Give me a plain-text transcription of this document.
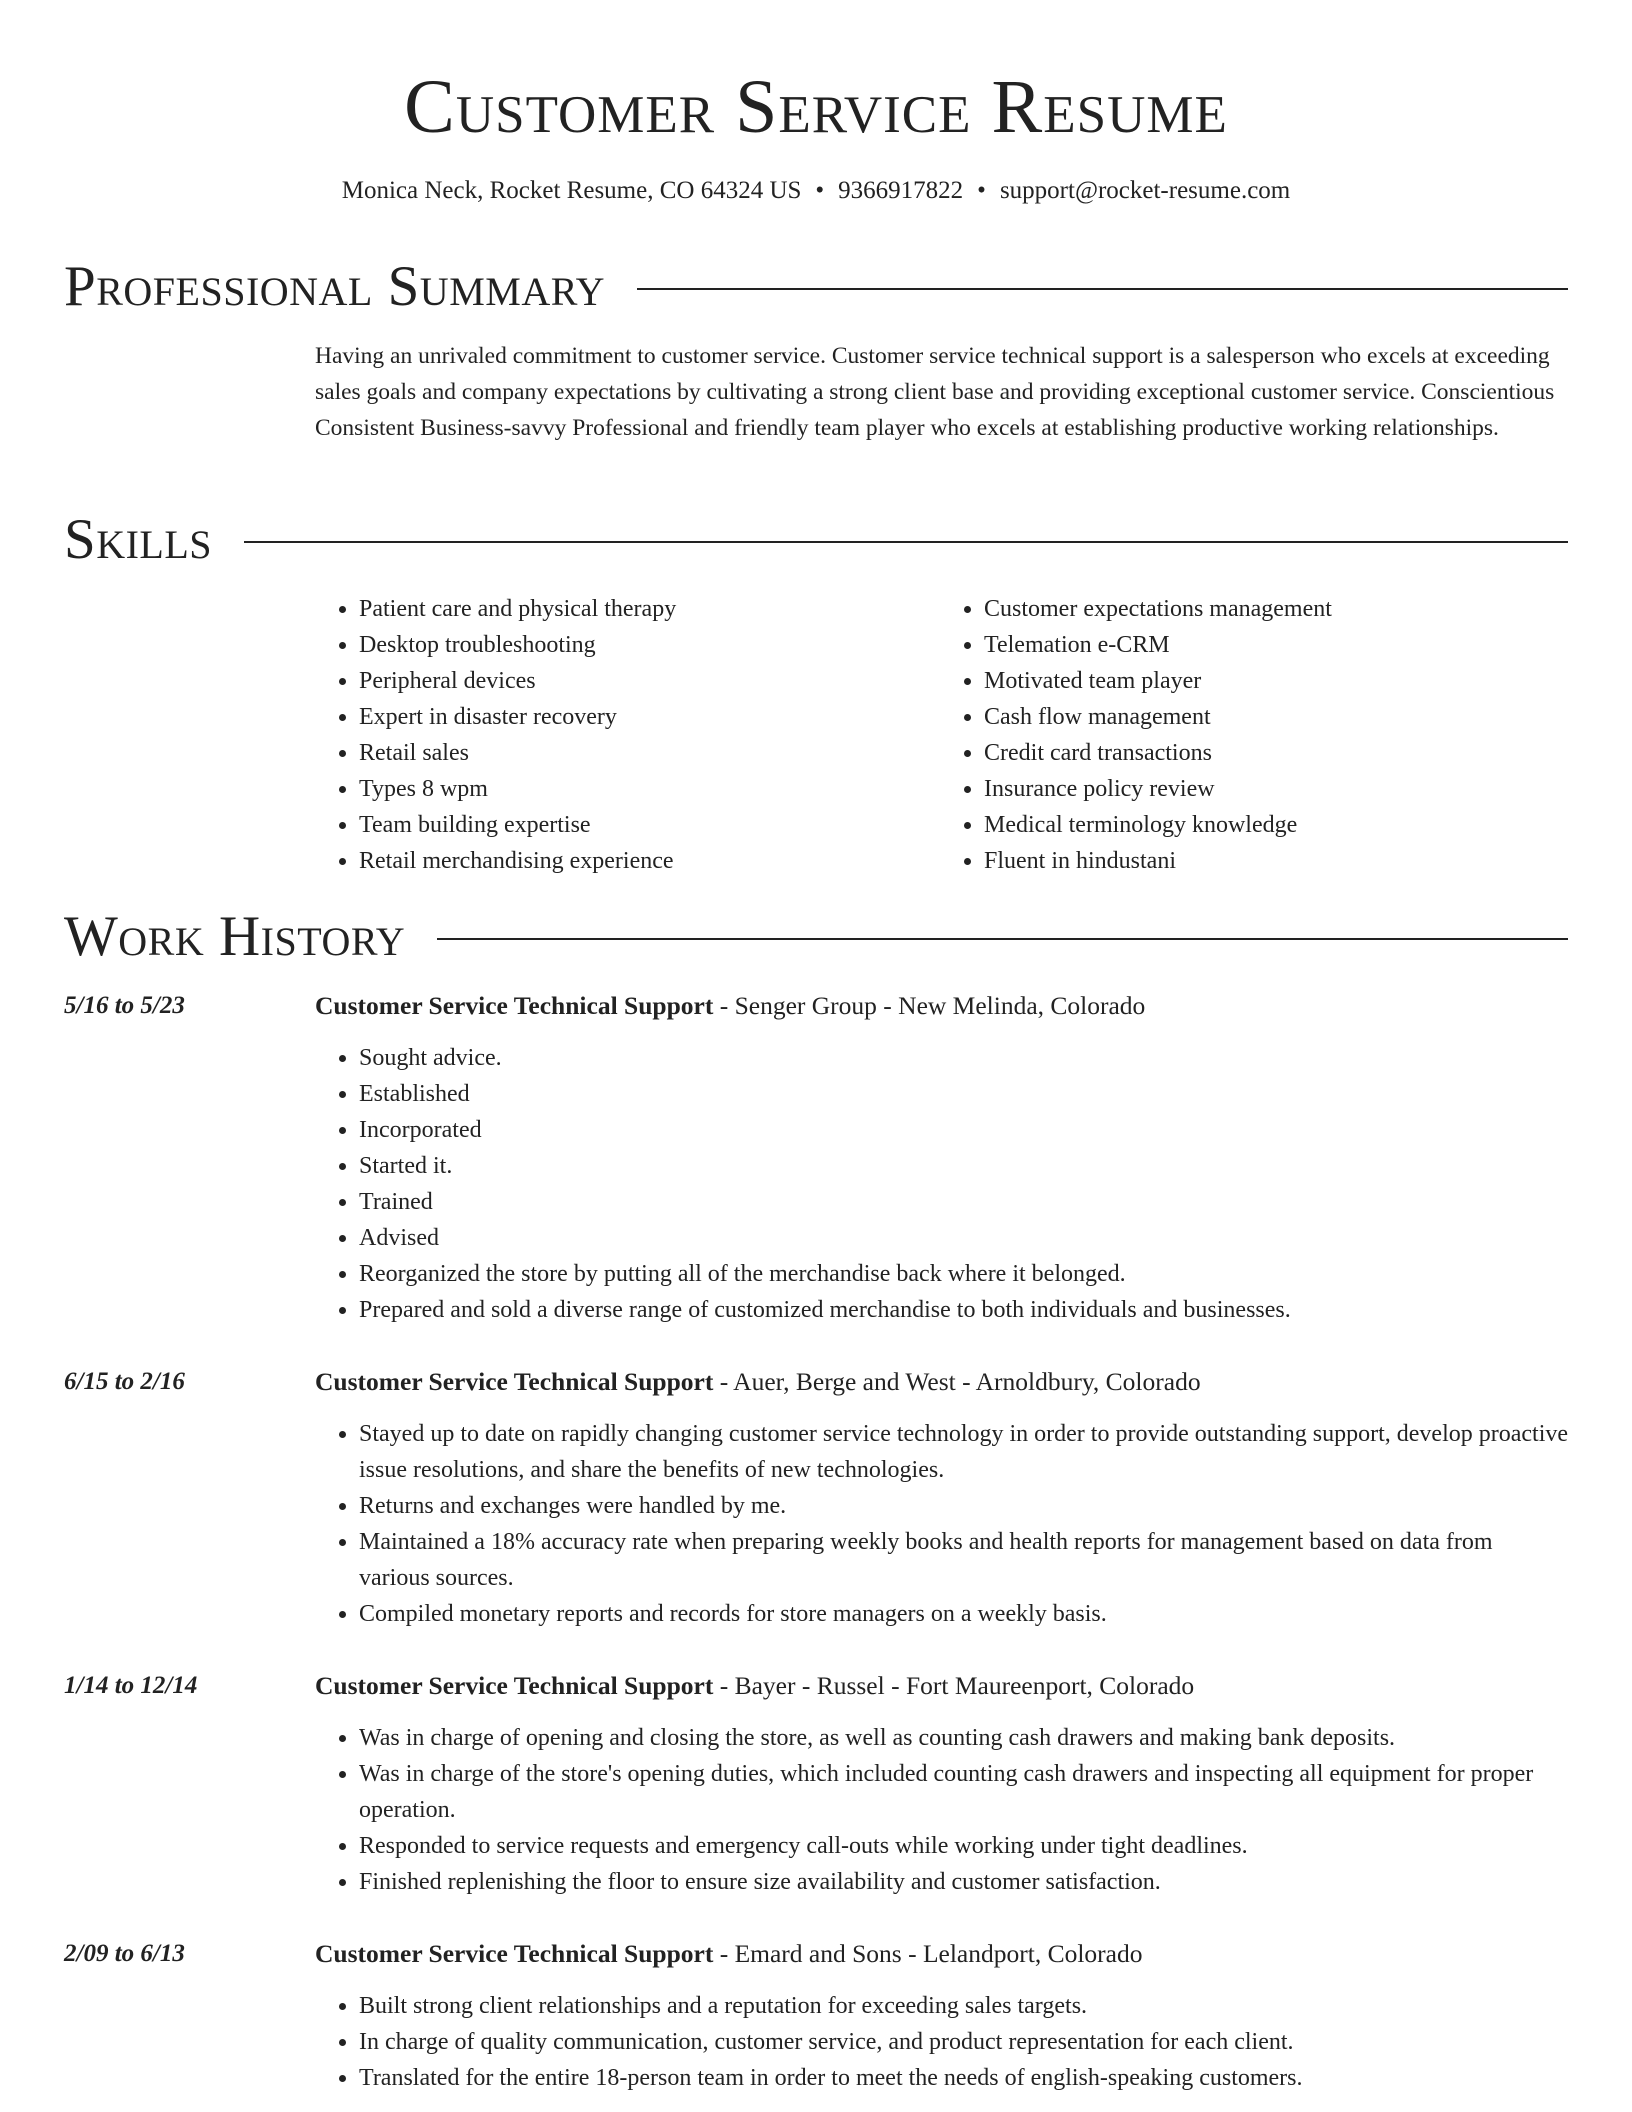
Customer Service Resume
Monica Neck, Rocket Resume, CO 64324 US • 9366917822 • support@rocket-resume.com
Professional Summary

Having an unrivaled commitment to customer service. Customer service technical support is a salesperson who excels at exceeding sales goals and company expectations by cultivating a strong client base and providing exceptional customer service. Conscientious Consistent Business-savvy Professional and friendly team player who excels at establishing productive working relationships.

Skills
• Patient care and physical therapy
• Desktop troubleshooting
• Peripheral devices
• Expert in disaster recovery
• Retail sales
• Types 8 wpm
• Team building expertise
• Retail merchandising experience
• Customer expectations management
• Telemation e-CRM
• Motivated team player
• Cash flow management
• Credit card transactions
• Insurance policy review
• Medical terminology knowledge
• Fluent in hindustani
Work History
5/16 to 5/23	Customer Service Technical Support - Senger Group - New Melinda, Colorado
• Sought advice.
• Established
• Incorporated
• Started it.
• Trained
• Advised
• Reorganized the store by putting all of the merchandise back where it belonged.
• Prepared and sold a diverse range of customized merchandise to both individuals and businesses.
6/15 to 2/16	Customer Service Technical Support - Auer, Berge and West - Arnoldbury, Colorado
• Stayed up to date on rapidly changing customer service technology in order to provide outstanding support, develop proactive issue resolutions, and share the benefits of new technologies.
• Returns and exchanges were handled by me.
• Maintained a 18% accuracy rate when preparing weekly books and health reports for management based on data from various sources.
• Compiled monetary reports and records for store managers on a weekly basis.
1/14 to 12/14	Customer Service Technical Support - Bayer - Russel - Fort Maureenport, Colorado
• Was in charge of opening and closing the store, as well as counting cash drawers and making bank deposits.
• Was in charge of the store's opening duties, which included counting cash drawers and inspecting all equipment for proper operation.
• Responded to service requests and emergency call-outs while working under tight deadlines.
• Finished replenishing the floor to ensure size availability and customer satisfaction.
2/09 to 6/13	Customer Service Technical Support - Emard and Sons - Lelandport, Colorado
• Built strong client relationships and a reputation for exceeding sales targets.
• In charge of quality communication, customer service, and product representation for each client.
• Translated for the entire 18-person team in order to meet the needs of english-speaking customers.
